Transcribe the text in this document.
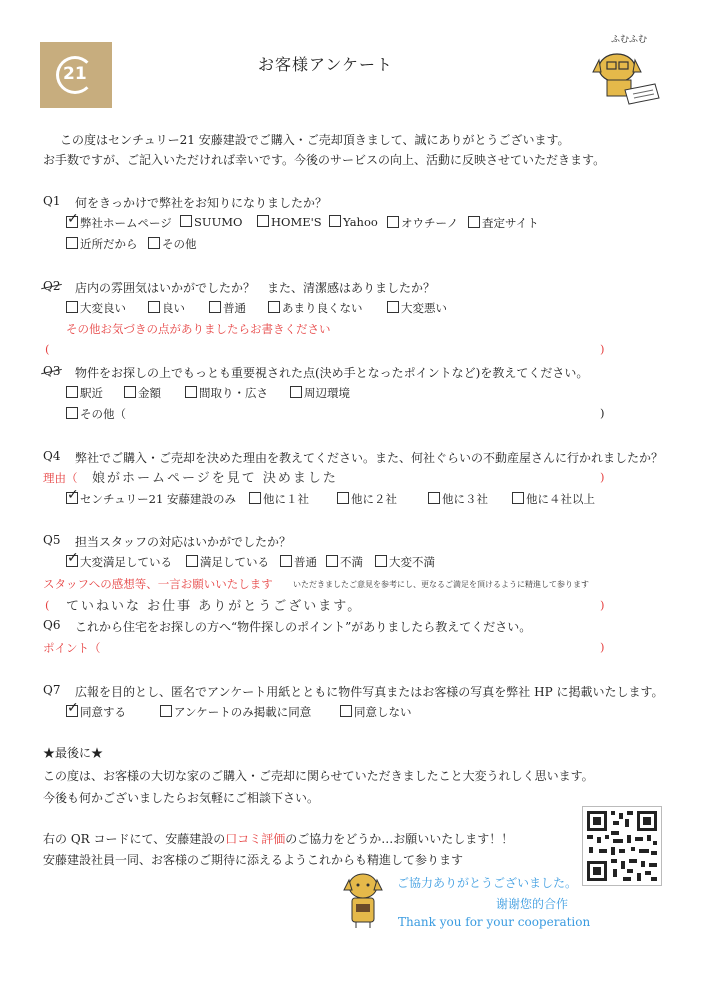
21	お客様アンケート
ふむふむ
この度はセンチュリー21 安藤建設でご購入・ご売却頂きまして、誠にありがとうございます。
お手数ですが、ご記入いただければ幸いです。今後のサービスの向上、活動に反映させていただきます。
Q1 何をきっかけで弊社をお知りになりましたか？
✓弊社ホームページ	SUUMO	HOME'S	Yahoo	オウチーノ	査定サイト
近所だから	その他
Q2 店内の雰囲気はいかがでしたか？　また、清潔感はありましたか？
大変良い	良い	普通	あまり良くない	大変悪い
その他お気づきの点がありましたらお書きください
(	)
Q3 物件をお探しの上でもっとも重要視された点(決め手となったポイントなど)を教えてください。
駅近	金額	間取り・広さ	周辺環境
その他（	)
Q4 弊社でご購入・ご売却を決めた理由を教えてください。また、何社ぐらいの不動産屋さんに行かれましたか？
理由（ 娘がホームページを見て 決めました	)
✓センチュリー21 安藤建設のみ	他に１社	他に２社	他に３社	他に４社以上
Q5 担当スタッフの対応はいかがでしたか？
✓大変満足している	満足している	普通	不満	大変不満
スタッフへの感想等、一言お願いいたします	いただきましたご意見を参考にし、更なるご満足を頂けるように精進して参ります
( ていねいな お仕事 ありがとうございます。	)
Q6 これから住宅をお探しの方へ“物件探しのポイント”がありましたら教えてください。
ポイント（	)
Q7 広報を目的とし、匿名でアンケート用紙とともに物件写真またはお客様の写真を弊社 HP に掲載いたします。
✓同意する	アンケートのみ掲載に同意	同意しない
★最後に★
この度は、お客様の大切な家のご購入・ご売却に関らせていただきましたこと大変うれしく思います。
今後も何かございましたらお気軽にご相談下さい。
右の QR コードにて、安藤建設の口コミ評価のご協力をどうか…お願いいたします！！
安藤建設社員一同、お客様のご期待に添えるようこれからも精進して参ります
ご協力ありがとうございました。
谢谢您的合作
Thank you for your cooperation
